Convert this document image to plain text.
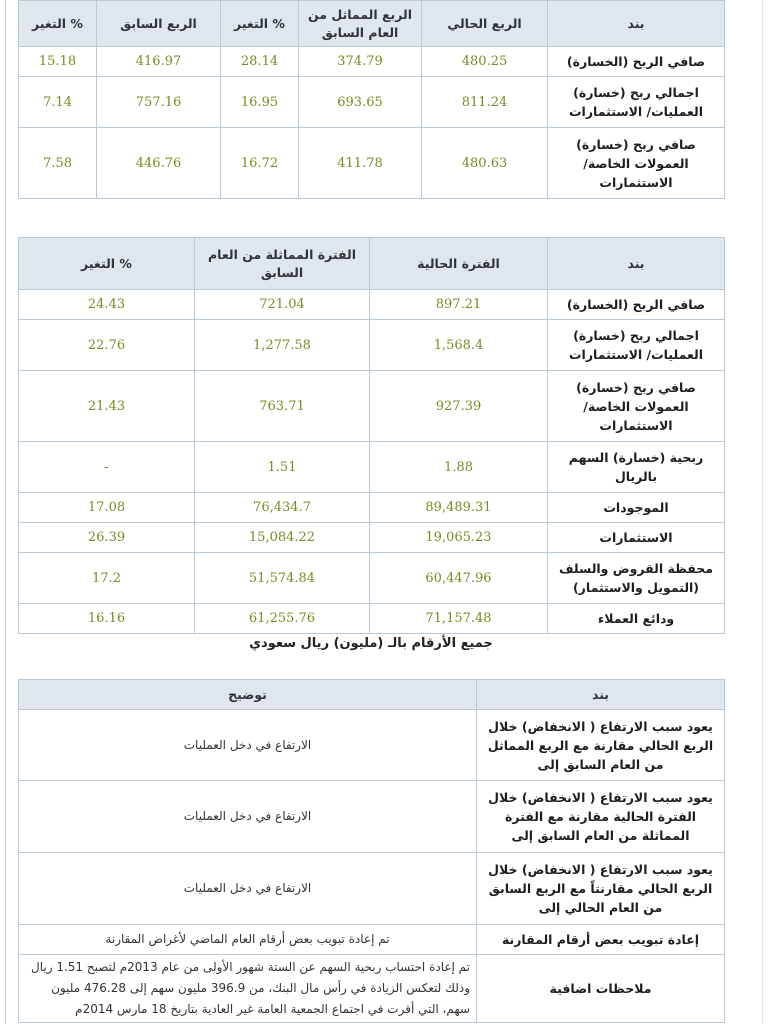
بند	الربع الحالي	الربع المماثل من العام السابق	% التغير	الربع السابق	% التغير
صافي الربح (الخسارة)	480.25	374.79	28.14	416.97	15.18
اجمالي ربح (خسارة) العمليات/ الاستثمارات	811.24	693.65	16.95	757.16	7.14
صافي ربح (خسارة) العمولات الخاصة/ الاستثمارات	480.63	411.78	16.72	446.76	7.58
بند	الفترة الحالية	الفترة المماثلة من العام السابق	% التغير
صافي الربح (الخسارة)	897.21	721.04	24.43
اجمالي ربح (خسارة) العمليات/ الاستثمارات	1,568.4	1,277.58	22.76
صافي ربح (خسارة) العمولات الخاصة/ الاستثمارات	927.39	763.71	21.43
ربحية (خسارة) السهم بالريال	1.88	1.51	-
الموجودات	89,489.31	76,434.7	17.08
الاستثمارات	19,065.23	15,084.22	26.39
محفظة القروض والسلف (التمويل والاستثمار)	60,447.96	51,574.84	17.2
ودائع العملاء	71,157.48	61,255.76	16.16
جميع الأرقام بالـ (مليون) ريال سعودي
بند	توضيح
يعود سبب الارتفاع ( الانخفاض) خلال الربع الحالي مقارنة مع الربع المماثل من العام السابق إلى	الارتفاع في دخل العمليات
يعود سبب الارتفاع ( الانخفاض) خلال الفترة الحالية مقارنة مع الفترة المماثلة من العام السابق إلى	الارتفاع في دخل العمليات
يعود سبب الارتفاع ( الانخفاض) خلال الربع الحالي مقارنتاً مع الربع السابق من العام الحالي إلى	الارتفاع في دخل العمليات
إعادة تبويب بعض أرقام المقارنة	تم إعادة تبويب بعض أرقام العام الماضي لأغراض المقارنة
ملاحظات اضافية	تم إعادة احتساب ربحية السهم عن الستة شهور الأولى من عام 2013م لتصبح 1.51 ريال وذلك لتعكس الزيادة في رأس مال البنك، من 396.9 مليون سهم إلى 476.28 مليون سهم، التي أقرت في اجتماع الجمعية العامة غير العادية بتاريخ 18 مارس 2014م
